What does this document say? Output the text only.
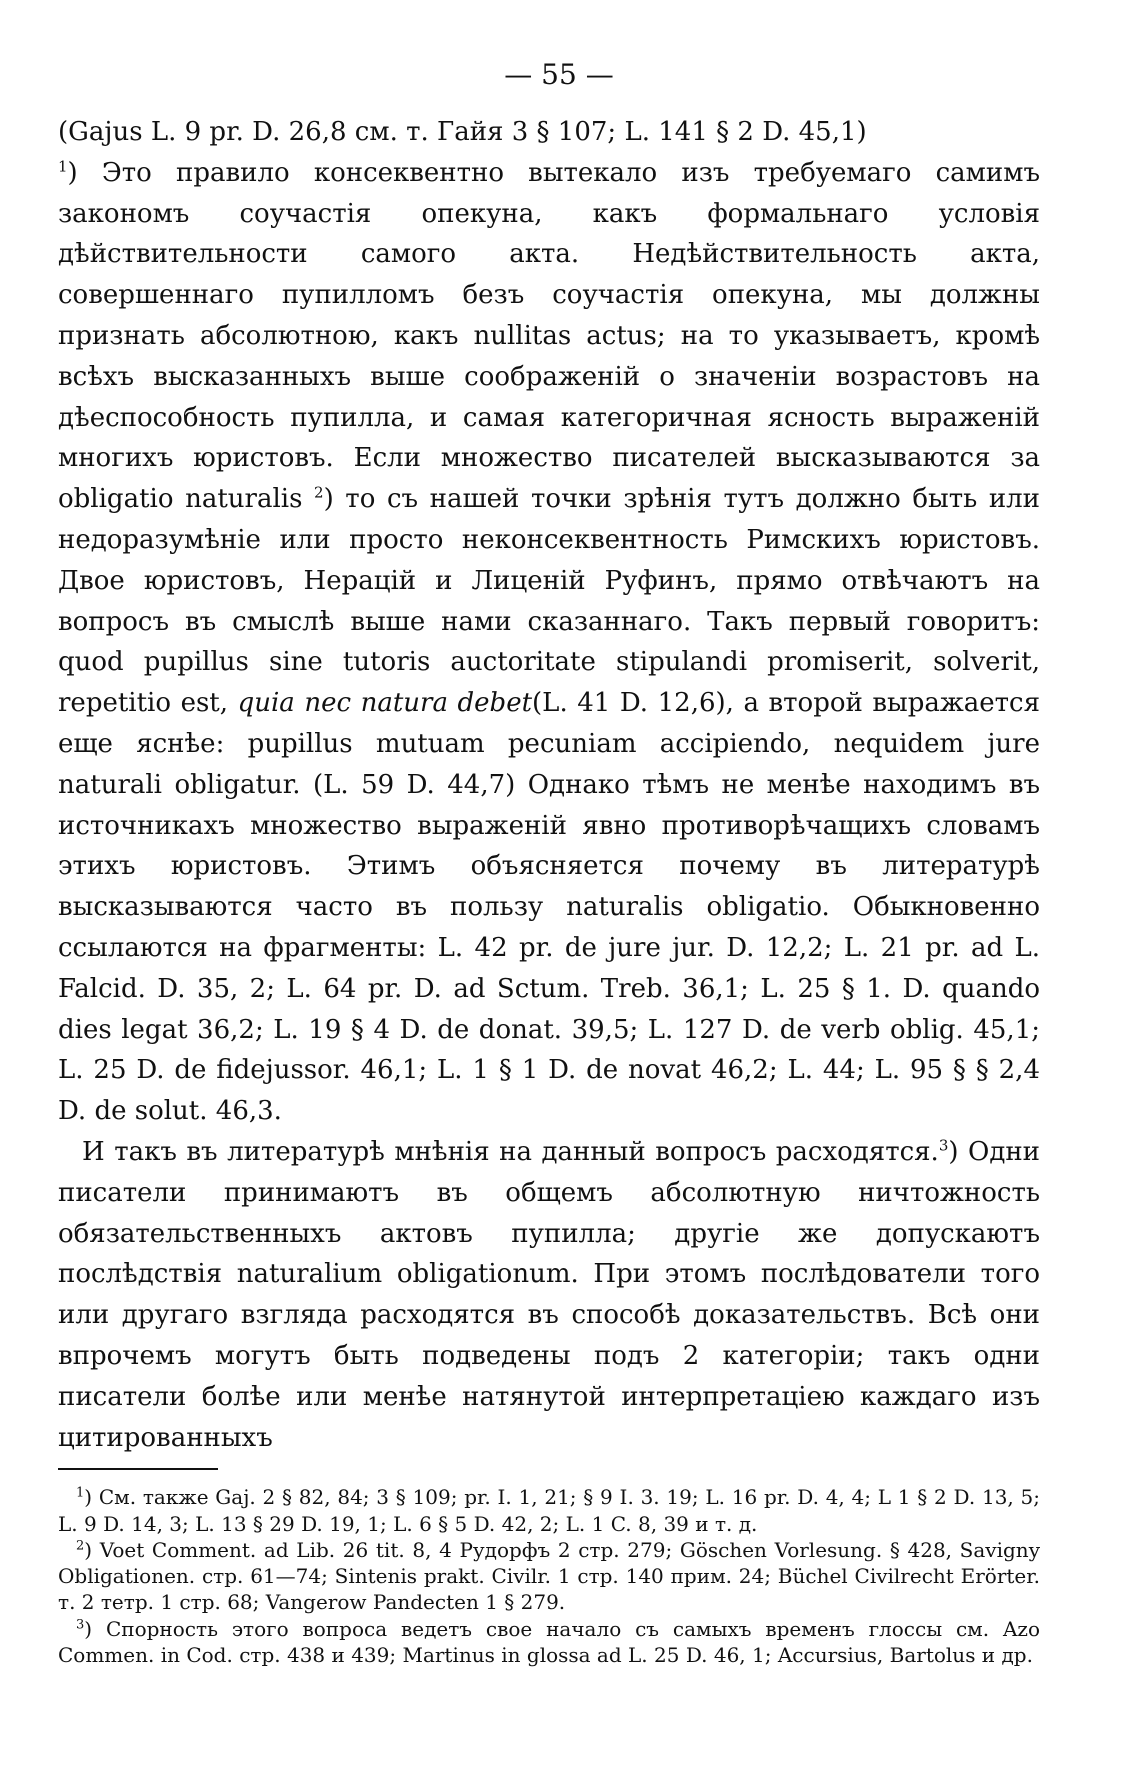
— 55 —

(Gajus L. 9 pr. D. 26,8 см. т. Гайя 3 § 107; L. 141 § 2 D. 45,1)
$^1$) Это правило консеквентно вытекало изъ требуемаго самимъ закономъ соучастія опекуна, какъ формальнаго условія дѣйствительности самого акта. Недѣйствительность акта, совершеннаго пупилломъ безъ соучастія опекуна, мы должны признать абсолютною, какъ nullitas actus; на то указываетъ, кромѣ всѣхъ высказанныхъ выше соображеній о значеніи возрастовъ на дѣеспособность пупилла, и самая категоричная ясность выраженій многихъ юристовъ. Если множество писателей высказываются за obligatio naturalis $^2$) то съ нашей точки зрѣнія тутъ должно быть или недоразумѣніе или просто неконсеквентность Римскихъ юристовъ. Двое юристовъ, Нерацій и Лиценій Руфинъ, прямо отвѣчаютъ на вопросъ въ смыслѣ выше нами сказаннаго. Такъ первый говоритъ: quod pupillus sine tutoris auctoritate stipulandi promiserit, solverit, repetitio est, quia nec natura debet(L. 41 D. 12,6), а второй выражается еще яснѣе: pupillus mutuam pecuniam accipiendo, nequidem jure naturali obligatur. (L. 59 D. 44,7) Однако тѣмъ не менѣе находимъ въ источникахъ множество выраженій явно противорѣчащихъ словамъ этихъ юристовъ. Этимъ объясняется почему въ литературѣ высказываются часто въ пользу naturalis obligatio. Обыкновенно ссылаются на фрагменты: L. 42 pr. de jure jur. D. 12,2; L. 21 pr. ad L. Falcid. D. 35, 2; L. 64 pr. D. ad Sctum. Treb. 36,1; L. 25 § 1. D. quando dies legat 36,2; L. 19 § 4 D. de donat. 39,5; L. 127 D. de verb oblig. 45,1; L. 25 D. de fidejussor. 46,1; L. 1 § 1 D. de novat 46,2; L. 44; L. 95 § § 2,4 D. de solut. 46,3.

И такъ въ литературѣ мнѣнія на данный вопросъ расходятся.$^3$) Одни писатели принимаютъ въ общемъ абсолютную ничтожность обязательственныхъ актовъ пупилла; другіе же допускаютъ послѣдствія naturalium obligationum. При этомъ послѣдователи того или другаго взгляда расходятся въ способѣ доказательствъ. Всѣ они впрочемъ могутъ быть подведены подъ 2 категоріи; такъ одни писатели болѣе или менѣе натянутой интерпретаціею каждаго изъ цитированныхъ

$^1$) См. также Gaj. 2 § 82, 84; 3 § 109; pr. I. 1, 21; § 9 I. 3. 19; L. 16 pr. D. 4, 4; L 1 § 2 D. 13, 5; L. 9 D. 14, 3; L. 13 § 29 D. 19, 1; L. 6 § 5 D. 42, 2; L. 1 C. 8, 39 и т. д.

$^2$) Voet Comment. ad Lib. 26 tit. 8, 4 Рудорфъ 2 стр. 279; Göschen Vorlesung. § 428, Savigny Obligationen. стр. 61—74; Sintenis prakt. Civilr. 1 стр. 140 прим. 24; Büchel Civilrecht Erörter. т. 2 тетр. 1 стр. 68; Vangerow Pandecten 1 § 279.

$^3$) Спорность этого вопроса ведетъ свое начало съ самыхъ временъ глоссы см. Azo Commen. in Cod. стр. 438 и 439; Martinus in glossa ad L. 25 D. 46, 1; Accursius, Bartolus и др.
